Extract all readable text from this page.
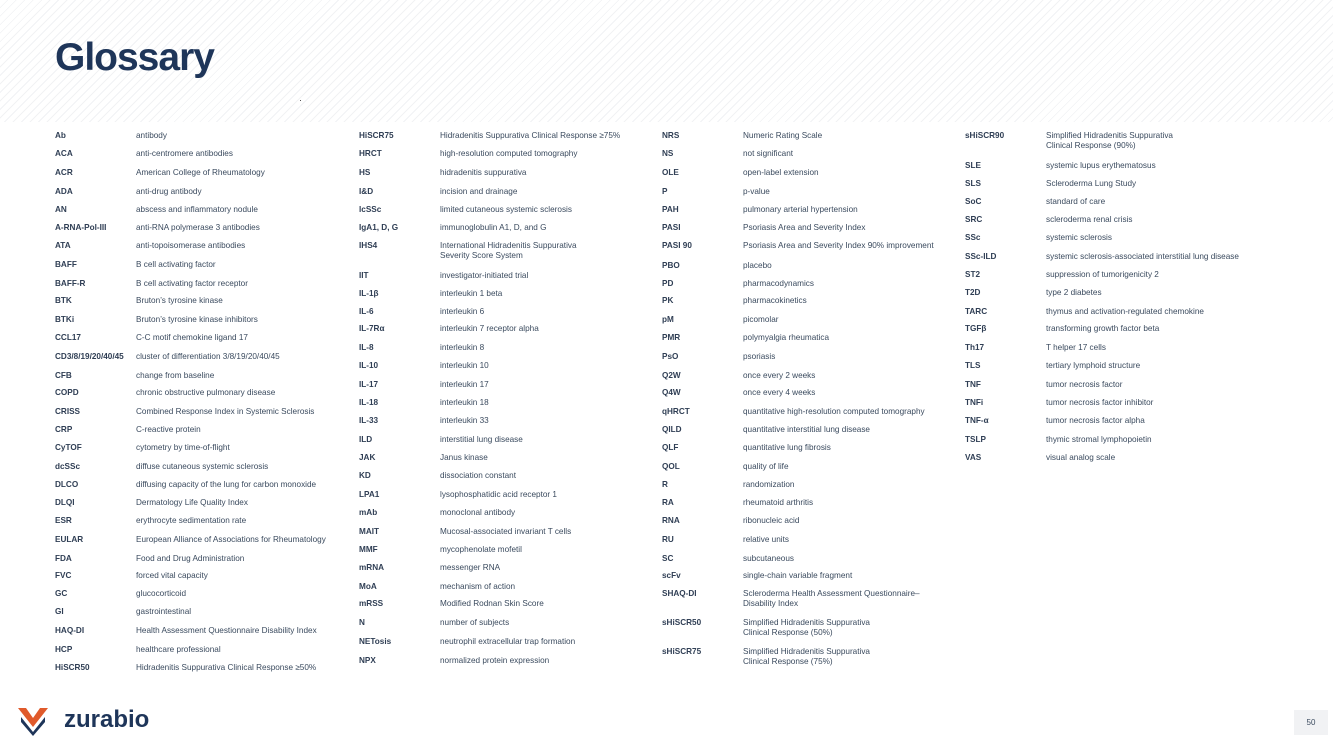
Glossary
Ab	antibody
ACA	anti-centromere antibodies
ACR	American College of Rheumatology
ADA	anti-drug antibody
AN	abscess and inflammatory nodule
A-RNA-Pol-III	anti-RNA polymerase 3 antibodies
ATA	anti-topoisomerase antibodies
BAFF	B cell activating factor
BAFF-R	B cell activating factor receptor
BTK	Bruton’s tyrosine kinase
BTKi	Bruton’s tyrosine kinase inhibitors
CCL17	C-C motif chemokine ligand 17
CD3/8/19/20/40/45	cluster of differentiation 3/8/19/20/40/45
CFB	change from baseline
COPD	chronic obstructive pulmonary disease
CRISS	Combined Response Index in Systemic Sclerosis
CRP	C-reactive protein
CyTOF	cytometry by time-of-flight
dcSSc	diffuse cutaneous systemic sclerosis
DLCO	diffusing capacity of the lung for carbon monoxide
DLQI	Dermatology Life Quality Index
ESR	erythrocyte sedimentation rate
EULAR	European Alliance of Associations for Rheumatology
FDA	Food and Drug Administration
FVC	forced vital capacity
GC	glucocorticoid
GI	gastrointestinal
HAQ-DI	Health Assessment Questionnaire Disability Index
HCP	healthcare professional
HiSCR50	Hidradenitis Suppurativa Clinical Response ≥50%
HiSCR75	Hidradenitis Suppurativa Clinical Response ≥75%
HRCT	high-resolution computed tomography
HS	hidradenitis suppurativa
I&D	incision and drainage
lcSSc	limited cutaneous systemic sclerosis
IgA1, D, G	immunoglobulin A1, D, and G
IHS4	International Hidradenitis Suppurativa
Severity Score System
IIT	investigator-initiated trial
IL-1β	interleukin 1 beta
IL-6	interleukin 6
IL-7Rα	interleukin 7 receptor alpha
IL-8	interleukin 8
IL-10	interleukin 10
IL-17	interleukin 17
IL-18	interleukin 18
IL-33	interleukin 33
ILD	interstitial lung disease
JAK	Janus kinase
KD	dissociation constant
LPA1	lysophosphatidic acid receptor 1
mAb	monoclonal antibody
MAIT	Mucosal-associated invariant T cells
MMF	mycophenolate mofetil
mRNA	messenger RNA
MoA	mechanism of action
mRSS	Modified Rodnan Skin Score
N	number of subjects
NETosis	neutrophil extracellular trap formation
NPX	normalized protein expression
NRS	Numeric Rating Scale
NS	not significant
OLE	open-label extension
P	p-value
PAH	pulmonary arterial hypertension
PASI	Psoriasis Area and Severity Index
PASI 90	Psoriasis Area and Severity Index 90% improvement
PBO	placebo
PD	pharmacodynamics
PK	pharmacokinetics
pM	picomolar
PMR	polymyalgia rheumatica
PsO	psoriasis
Q2W	once every 2 weeks
Q4W	once every 4 weeks
qHRCT	quantitative high-resolution computed tomography
QILD	quantitative interstitial lung disease
QLF	quantitative lung fibrosis
QOL	quality of life
R	randomization
RA	rheumatoid arthritis
RNA	ribonucleic acid
RU	relative units
SC	subcutaneous
scFv	single-chain variable fragment
SHAQ-DI	Scleroderma Health Assessment Questionnaire–
Disability Index
sHiSCR50	Simplified Hidradenitis Suppurativa
Clinical Response (50%)
sHiSCR75	Simplified Hidradenitis Suppurativa
Clinical Response (75%)
sHiSCR90	Simplified Hidradenitis Suppurativa
Clinical Response (90%)
SLE	systemic lupus erythematosus
SLS	Scleroderma Lung Study
SoC	standard of care
SRC	scleroderma renal crisis
SSc	systemic sclerosis
SSc-ILD	systemic sclerosis-associated interstitial lung disease
ST2	suppression of tumorigenicity 2
T2D	type 2 diabetes
TARC	thymus and activation-regulated chemokine
TGFβ	transforming growth factor beta
Th17	T helper 17 cells
TLS	tertiary lymphoid structure
TNF	tumor necrosis factor
TNFi	tumor necrosis factor inhibitor
TNF-α	tumor necrosis factor alpha
TSLP	thymic stromal lymphopoietin
VAS	visual analog scale
zurabio	50
